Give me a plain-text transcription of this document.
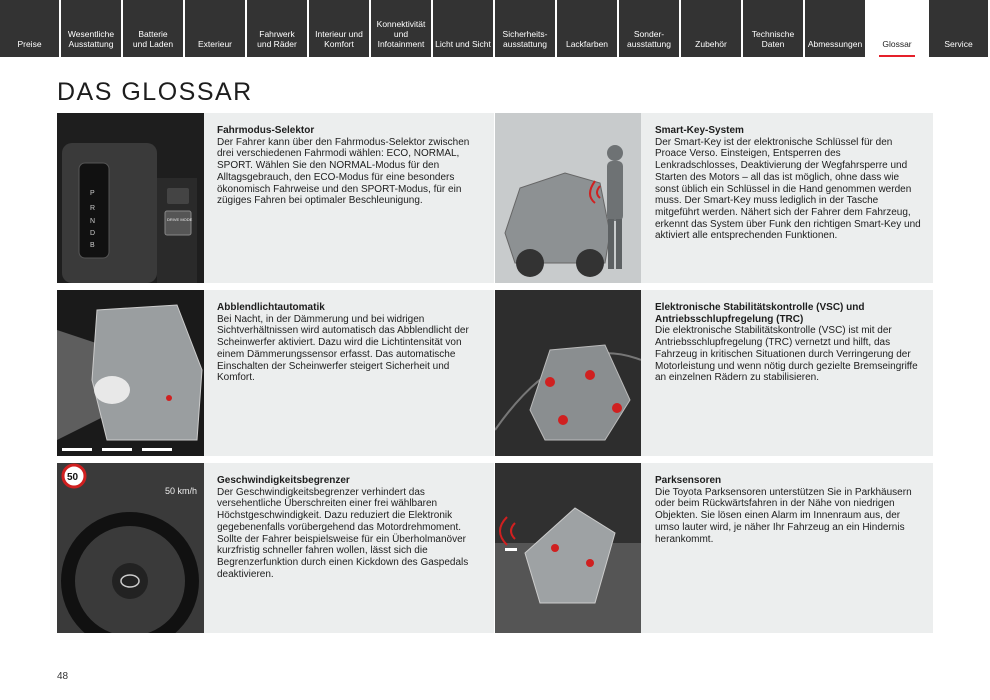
Preise
Wesentliche
Ausstattung
Batterie
und Laden	Exterieur
Fahrwerk
und Räder
Interieur und
Komfort
Konnektivität
und
Infotainment	Licht und Sicht
Sicherheits-
ausstattung	Lackfarben
Sonder-
ausstattung	Zubehör
Technische
Daten	Abmessungen	Glossar	Service
DAS GLOSSAR
P
R
N
D
B
DRIVE MODE
Fahrmodus-Selektor

Der Fahrer kann über den Fahrmodus-Selektor zwischen drei verschiedenen Fahrmodi wählen: ECO, NORMAL, SPORT. Wählen Sie den NORMAL-Modus für den Alltagsgebrauch, den ECO-Modus für eine besonders ökonomisch Fahrweise und den SPORT-Modus, für ein zügiges Fahren bei optimaler Beschleunigung.

Smart-Key-System

Der Smart-Key ist der elektronische Schlüssel für den Proace Verso. Einsteigen, Entsperren des Lenkradschlosses, Deaktivierung der Wegfahrsperre und Starten des Motors – all das ist möglich, ohne dass wie sonst üblich ein Schlüssel in die Hand genommen werden muss. Der Smart-Key muss lediglich in der Tasche mitgeführt werden. Nähert sich der Fahrer dem Fahrzeug, erkennt das System über Funk den richtigen Smart-Key und aktiviert alle entsprechenden Funktionen.

Abblendlichtautomatik

Bei Nacht, in der Dämmerung und bei widrigen Sichtverhältnissen wird automatisch das Abblendlicht der Scheinwerfer aktiviert. Dazu wird die Lichtintensität von einem Dämmerungssensor erfasst. Das automatische Einschalten der Scheinwerfer steigert Sicherheit und Komfort.

Elektronische Stabilitätskontrolle (VSC) und Antriebsschlupfregelung (TRC)

Die elektronische Stabilitätskontrolle (VSC) ist mit der Antriebsschlupfregelung (TRC) vernetzt und hilft, das Fahrzeug in kritischen Situationen durch Verringerung der Motorleistung und wenn nötig durch gezielte Bremseingriffe an einzelnen Rädern zu stabilisieren.

50
50 km/h
Geschwindigkeitsbegrenzer

Der Geschwindigkeitsbegrenzer verhindert das versehentliche Überschreiten einer frei wählbaren Höchstgeschwindigkeit. Dazu reduziert die Elektronik gegebenenfalls vorübergehend das Motordrehmoment. Sollte der Fahrer beispielsweise für ein Überholmanöver kurzfristig schneller fahren wollen, lässt sich die Begrenzerfunktion durch einen Kickdown des Gaspedals deaktivieren.

Parksensoren

Die Toyota Parksensoren unterstützen Sie in Parkhäusern oder beim Rückwärtsfahren in der Nähe von niedrigen Objekten. Sie lösen einen Alarm im Innenraum aus, der umso lauter wird, je näher Ihr Fahrzeug an ein Hindernis herankommt.

48
